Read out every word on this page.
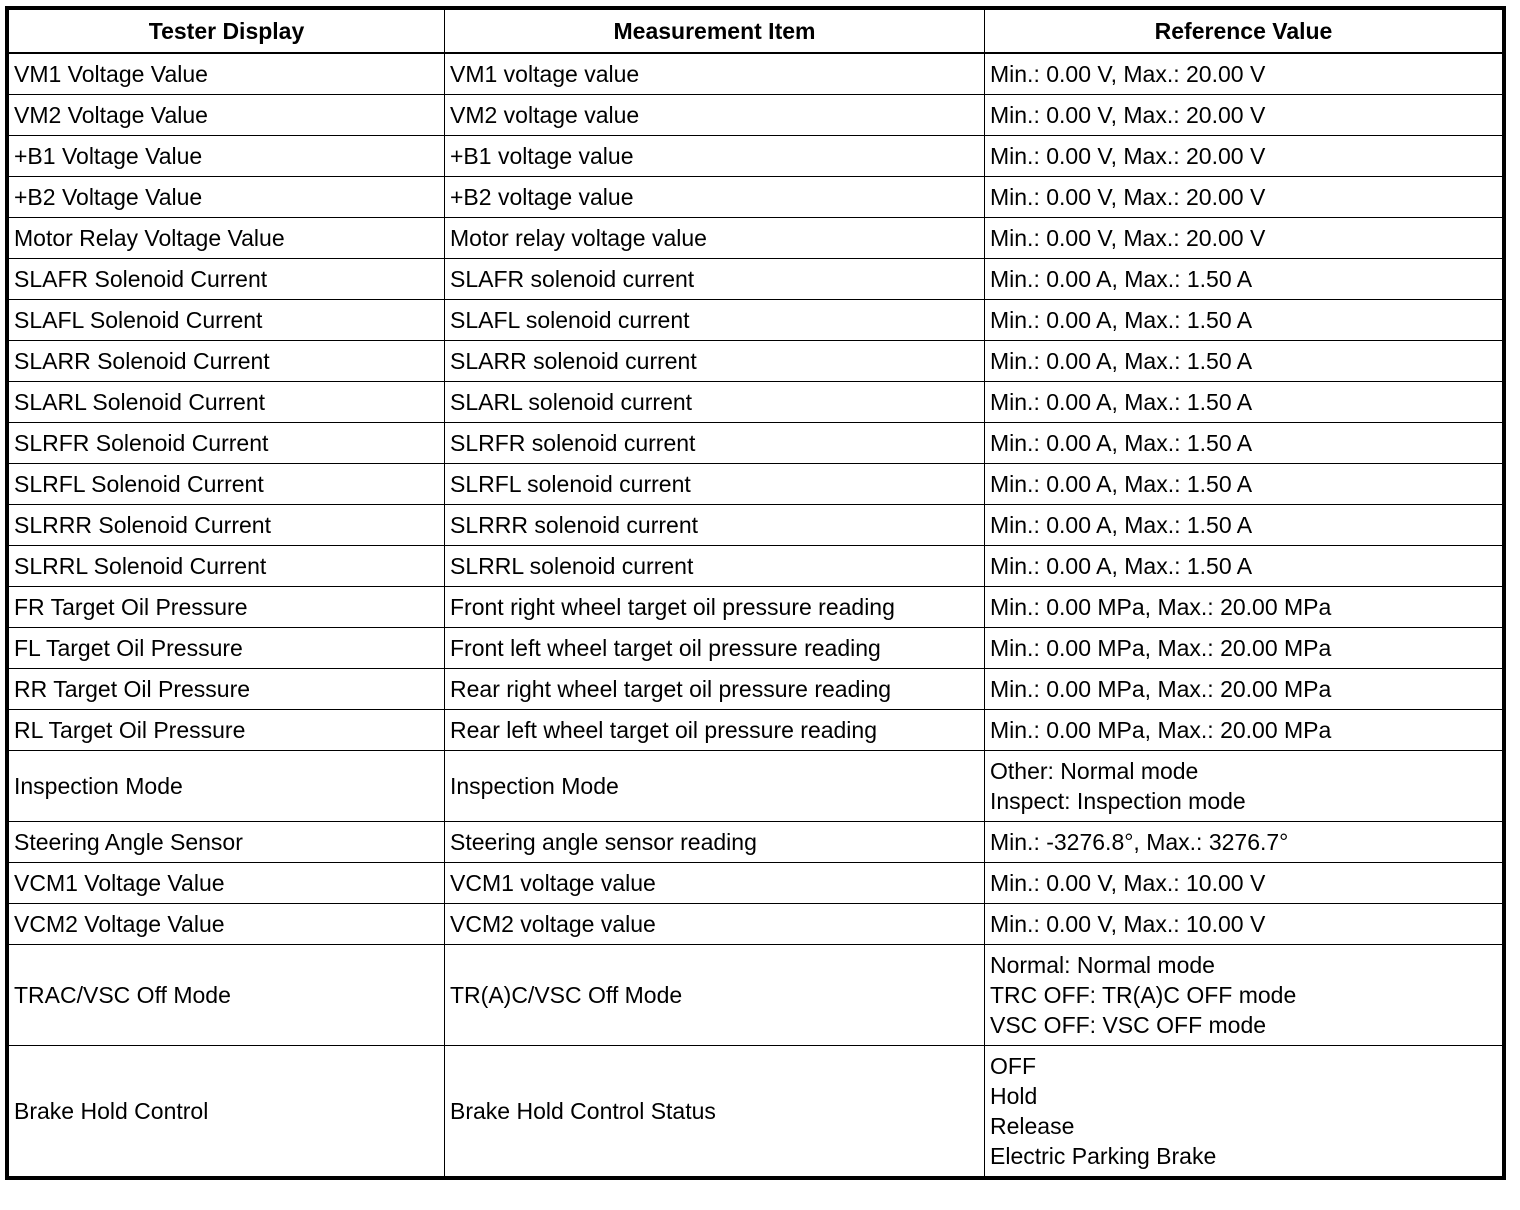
Tester Display	Measurement Item	Reference Value
VM1 Voltage Value	VM1 voltage value	Min.: 0.00 V, Max.: 20.00 V

VM2 Voltage Value	VM2 voltage value	Min.: 0.00 V, Max.: 20.00 V

+B1 Voltage Value	+B1 voltage value	Min.: 0.00 V, Max.: 20.00 V

+B2 Voltage Value	+B2 voltage value	Min.: 0.00 V, Max.: 20.00 V

Motor Relay Voltage Value	Motor relay voltage value	Min.: 0.00 V, Max.: 20.00 V

SLAFR Solenoid Current	SLAFR solenoid current	Min.: 0.00 A, Max.: 1.50 A

SLAFL Solenoid Current	SLAFL solenoid current	Min.: 0.00 A, Max.: 1.50 A

SLARR Solenoid Current	SLARR solenoid current	Min.: 0.00 A, Max.: 1.50 A

SLARL Solenoid Current	SLARL solenoid current	Min.: 0.00 A, Max.: 1.50 A

SLRFR Solenoid Current	SLRFR solenoid current	Min.: 0.00 A, Max.: 1.50 A

SLRFL Solenoid Current	SLRFL solenoid current	Min.: 0.00 A, Max.: 1.50 A

SLRRR Solenoid Current	SLRRR solenoid current	Min.: 0.00 A, Max.: 1.50 A

SLRRL Solenoid Current	SLRRL solenoid current	Min.: 0.00 A, Max.: 1.50 A

FR Target Oil Pressure	Front right wheel target oil pressure reading	Min.: 0.00 MPa, Max.: 20.00 MPa

FL Target Oil Pressure	Front left wheel target oil pressure reading	Min.: 0.00 MPa, Max.: 20.00 MPa

RR Target Oil Pressure	Rear right wheel target oil pressure reading	Min.: 0.00 MPa, Max.: 20.00 MPa

RL Target Oil Pressure	Rear left wheel target oil pressure reading	Min.: 0.00 MPa, Max.: 20.00 MPa

Inspection Mode	Inspection Mode	Other: Normal mode
Inspect: Inspection mode

Steering Angle Sensor	Steering angle sensor reading	Min.: -3276.8°, Max.: 3276.7°

VCM1 Voltage Value	VCM1 voltage value	Min.: 0.00 V, Max.: 10.00 V

VCM2 Voltage Value	VCM2 voltage value	Min.: 0.00 V, Max.: 10.00 V

TRAC/VSC Off Mode	TR(A)C/VSC Off Mode	Normal: Normal mode
TRC OFF: TR(A)C OFF mode
VSC OFF: VSC OFF mode

Brake Hold Control	Brake Hold Control Status	OFF
Hold
Release
Electric Parking Brake
